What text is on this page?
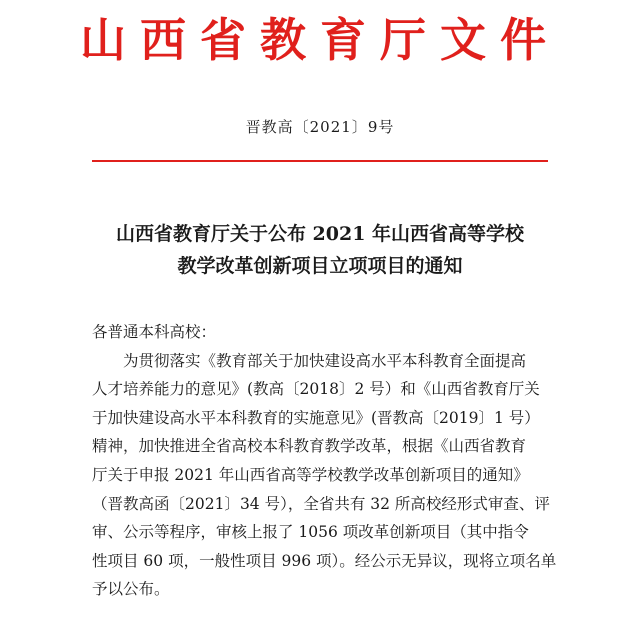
山西省教育厅文件
晋教高〔2021〕9号
山西省教育厅关于公布 2021 年山西省高等学校
教学改革创新项目立项项目的通知
各普通本科高校：
为贯彻落实《教育部关于加快建设高水平本科教育全面提高
人才培养能力的意见》(教高〔2018〕2 号）和《山西省教育厅关
于加快建设高水平本科教育的实施意见》(晋教高〔2019〕1 号）
精神，加快推进全省高校本科教育教学改革，根据《山西省教育
厅关于申报 2021 年山西省高等学校教学改革创新项目的通知》
（晋教高函〔2021〕34 号），全省共有 32 所高校经形式审查、评
审、公示等程序，审核上报了 1056 项改革创新项目（其中指令
性项目 60 项，一般性项目 996 项）。经公示无异议，现将立项名单
予以公布。
